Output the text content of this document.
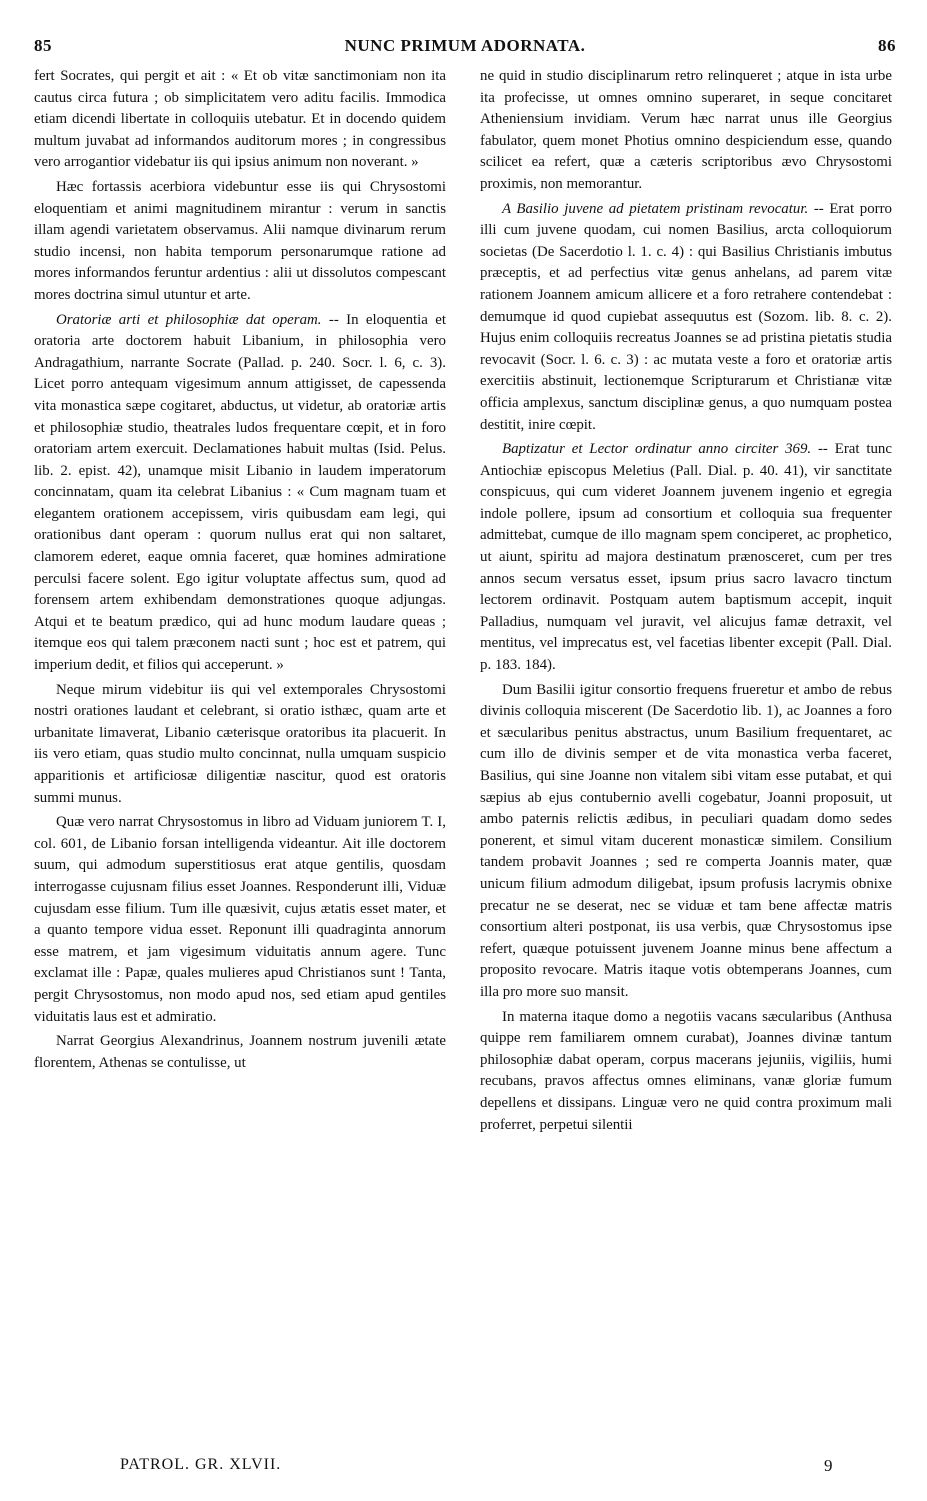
85	NUNC PRIMUM ADORNATA.	86

fert Socrates, qui pergit et ait : « Et ob vitæ sanctimoniam non ita cautus circa futura ; ob simplicitatem vero aditu facilis. Immodica etiam dicendi libertate in colloquiis utebatur. Et in docendo quidem multum juvabat ad informandos auditorum mores ; in congressibus vero arrogantior videbatur iis qui ipsius animum non noverant. »

Hæc fortassis acerbiora videbuntur esse iis qui Chrysostomi eloquentiam et animi magnitudinem mirantur : verum in sanctis illam agendi varietatem observamus. Alii namque divinarum rerum studio incensi, non habita temporum personarumque ratione ad mores informandos feruntur ardentius : alii ut dissolutos compescant mores doctrina simul utuntur et arte.

Oratoriæ arti et philosophiæ dat operam. -- In eloquentia et oratoria arte doctorem habuit Libanium, in philosophia vero Andragathium, narrante Socrate (Pallad. p. 240. Socr. l. 6, c. 3). Licet porro antequam vigesimum annum attigisset, de capessenda vita monastica sæpe cogitaret, abductus, ut videtur, ab oratoriæ artis et philosophiæ studio, theatrales ludos frequentare cœpit, et in foro oratoriam artem exercuit. Declamationes habuit multas (Isid. Pelus. lib. 2. epist. 42), unamque misit Libanio in laudem imperatorum concinnatam, quam ita celebrat Libanius : « Cum magnam tuam et elegantem orationem accepissem, viris quibusdam eam legi, qui orationibus dant operam : quorum nullus erat qui non saltaret, clamorem ederet, eaque omnia faceret, quæ homines admiratione perculsi facere solent. Ego igitur voluptate affectus sum, quod ad forensem artem exhibendam demonstrationes quoque adjungas. Atqui et te beatum prædico, qui ad hunc modum laudare queas ; itemque eos qui talem præconem nacti sunt ; hoc est et patrem, qui imperium dedit, et filios qui acceperunt. »

Neque mirum videbitur iis qui vel extemporales Chrysostomi nostri orationes laudant et celebrant, si oratio isthæc, quam arte et urbanitate limaverat, Libanio cæterisque oratoribus ita placuerit. In iis vero etiam, quas studio multo concinnat, nulla umquam suspicio apparitionis et artificiosæ diligentiæ nascitur, quod est oratoris summi munus.

Quæ vero narrat Chrysostomus in libro ad Viduam juniorem T. I, col. 601, de Libanio forsan intelligenda videantur. Ait ille doctorem suum, qui admodum superstitiosus erat atque gentilis, quosdam interrogasse cujusnam filius esset Joannes. Responderunt illi, Viduæ cujusdam esse filium. Tum ille quæsivit, cujus ætatis esset mater, et a quanto tempore vidua esset. Reponunt illi quadraginta annorum esse matrem, et jam vigesimum viduitatis annum agere. Tunc exclamat ille : Papæ, quales mulieres apud Christianos sunt ! Tanta, pergit Chrysostomus, non modo apud nos, sed etiam apud gentiles viduitatis laus est et admiratio.

Narrat Georgius Alexandrinus, Joannem nostrum juvenili ætate florentem, Athenas se contulisse, ut

ne quid in studio disciplinarum retro relinqueret ; atque in ista urbe ita profecisse, ut omnes omnino superaret, in seque concitaret Atheniensium invidiam. Verum hæc narrat unus ille Georgius fabulator, quem monet Photius omnino despiciendum esse, quando scilicet ea refert, quæ a cæteris scriptoribus ævo Chrysostomi proximis, non memorantur.

A Basilio juvene ad pietatem pristinam revocatur. -- Erat porro illi cum juvene quodam, cui nomen Basilius, arcta colloquiorum societas (De Sacerdotio l. 1. c. 4) : qui Basilius Christianis imbutus præceptis, et ad perfectius vitæ genus anhelans, ad parem vitæ rationem Joannem amicum allicere et a foro retrahere contendebat : demumque id quod cupiebat assequutus est (Sozom. lib. 8. c. 2). Hujus enim colloquiis recreatus Joannes se ad pristina pietatis studia revocavit (Socr. l. 6. c. 3) : ac mutata veste a foro et oratoriæ artis exercitiis abstinuit, lectionemque Scripturarum et Christianæ vitæ officia amplexus, sanctum disciplinæ genus, a quo numquam postea destitit, inire cœpit.

Baptizatur et Lector ordinatur anno circiter 369. -- Erat tunc Antiochiæ episcopus Meletius (Pall. Dial. p. 40. 41), vir sanctitate conspicuus, qui cum videret Joannem juvenem ingenio et egregia indole pollere, ipsum ad consortium et colloquia sua frequenter admittebat, cumque de illo magnam spem conciperet, ac prophetico, ut aiunt, spiritu ad majora destinatum prænosceret, cum per tres annos secum versatus esset, ipsum prius sacro lavacro tinctum lectorem ordinavit. Postquam autem baptismum accepit, inquit Palladius, numquam vel juravit, vel alicujus famæ detraxit, vel mentitus, vel imprecatus est, vel facetias libenter excepit (Pall. Dial. p. 183. 184).

Dum Basilii igitur consortio frequens frueretur et ambo de rebus divinis colloquia miscerent (De Sacerdotio lib. 1), ac Joannes a foro et sæcularibus penitus abstractus, unum Basilium frequentaret, ac cum illo de divinis semper et de vita monastica verba faceret, Basilius, qui sine Joanne non vitalem sibi vitam esse putabat, et qui sæpius ab ejus contubernio avelli cogebatur, Joanni proposuit, ut ambo paternis relictis ædibus, in peculiari quadam domo sedes ponerent, et simul vitam ducerent monasticæ similem. Consilium tandem probavit Joannes ; sed re comperta Joannis mater, quæ unicum filium admodum diligebat, ipsum profusis lacrymis obnixe precatur ne se deserat, nec se viduæ et tam bene affectæ matris consortium alteri postponat, iis usa verbis, quæ Chrysostomus ipse refert, quæque potuissent juvenem Joanne minus bene affectum a proposito revocare. Matris itaque votis obtemperans Joannes, cum illa pro more suo mansit.

In materna itaque domo a negotiis vacans sæcularibus (Anthusa quippe rem familiarem omnem curabat), Joannes divinæ tantum philosophiæ dabat operam, corpus macerans jejuniis, vigiliis, humi recubans, pravos affectus omnes eliminans, vanæ gloriæ fumum depellens et dissipans. Linguæ vero ne quid contra proximum mali proferret, perpetui silentii

PATROL. GR. XLVII.	9
